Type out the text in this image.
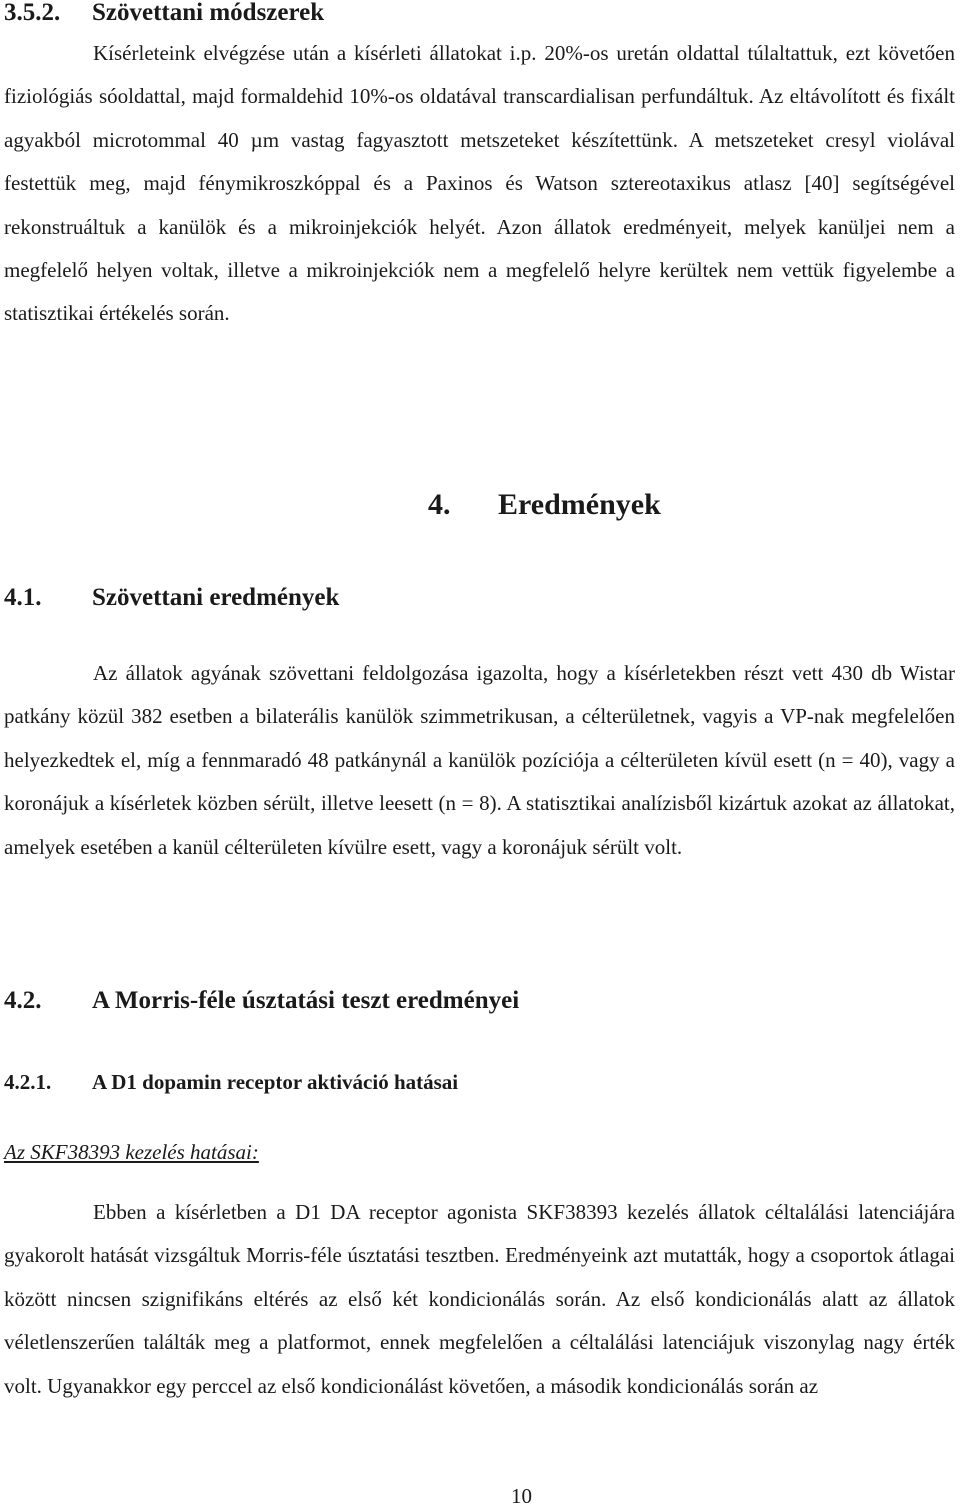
3.5.2. Szövettani módszerek

Kísérleteink elvégzése után a kísérleti állatokat i.p. 20%-os uretán oldattal túlaltattuk, ezt követően fiziológiás sóoldattal, majd formaldehid 10%-os oldatával transcardialisan perfundáltuk. Az eltávolított és fixált agyakból microtommal 40 µm vastag fagyasztott metszeteket készítettünk. A metszeteket cresyl violával festettük meg, majd fénymikroszkóppal és a Paxinos és Watson sztereotaxikus atlasz [40] segítségével rekonstruáltuk a kanülök és a mikroinjekciók helyét. Azon állatok eredményeit, melyek kanüljei nem a megfelelő helyen voltak, illetve a mikroinjekciók nem a megfelelő helyre kerültek nem vettük figyelembe a statisztikai értékelés során.

4. Eredmények
4.1. Szövettani eredmények

Az állatok agyának szövettani feldolgozása igazolta, hogy a kísérletekben részt vett 430 db Wistar patkány közül 382 esetben a bilaterális kanülök szimmetrikusan, a célterületnek, vagyis a VP-nak megfelelően helyezkedtek el, míg a fennmaradó 48 patkánynál a kanülök pozíciója a célterületen kívül esett (n = 40), vagy a koronájuk a kísérletek közben sérült, illetve leesett (n = 8). A statisztikai analízisből kizártuk azokat az állatokat, amelyek esetében a kanül célterületen kívülre esett, vagy a koronájuk sérült volt.

4.2. A Morris-féle úsztatási teszt eredményei
4.2.1. A D1 dopamin receptor aktiváció hatásai
Az SKF38393 kezelés hatásai:

Ebben a kísérletben a D1 DA receptor agonista SKF38393 kezelés állatok céltalálási latenciájára gyakorolt hatását vizsgáltuk Morris-féle úsztatási tesztben. Eredményeink azt mutatták, hogy a csoportok átlagai között nincsen szignifikáns eltérés az első két kondicionálás során. Az első kondicionálás alatt az állatok véletlenszerűen találták meg a platformot, ennek megfelelően a céltalálási latenciájuk viszonylag nagy érték volt. Ugyanakkor egy perccel az első kondicionálást követően, a második kondicionálás során az

10
